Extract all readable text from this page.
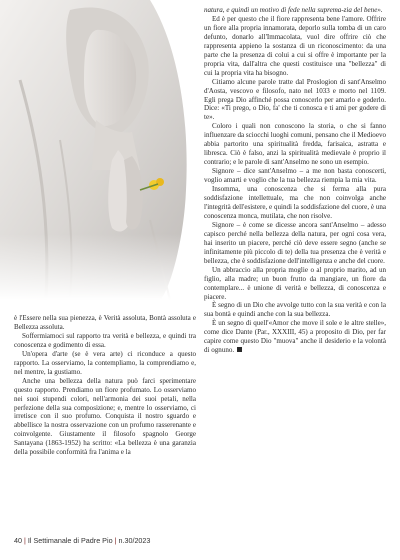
natura, e quindi un motivo di fede nella suprema-zia del bene».

Ed è per questo che il fiore rappresenta bene l'amore. Offrire un fiore alla propria innamorata, deporlo sulla tomba di un caro defunto, donarlo all'Immacolata, vuol dire offrire ciò che rappresenta appieno la sostanza di un riconoscimento: da una parte che la presenza di colui a cui si offre è importante per la propria vita, dall'altra che questi costituisce una "bellezza" di cui la propria vita ha bisogno.

Citiamo alcune parole tratte dal Proslogion di sant'Anselmo d'Aosta, vescovo e filosofo, nato nel 1033 e morto nel 1109. Egli prega Dio affinché possa conoscerlo per amarlo e goderlo. Dice: «Ti prego, o Dio, fa' che ti conosca e ti ami per godere di te».

Coloro i quali non conoscono la storia, o che si fanno influenzare da sciocchi luoghi comuni, pensano che il Medioevo abbia partorito una spiritualità fredda, farisaica, astratta e libresca. Ciò è falso, anzi la spiritualità medievale è proprio il contrario; e le parole di sant'Anselmo ne sono un esempio.

Signore – dice sant'Anselmo – a me non basta conoscerti, voglio amarti e voglio che la tua bellezza riempia la mia vita.

Insomma, una conoscenza che si ferma alla pura soddisfazione intellettuale, ma che non coinvolga anche l'integrità dell'esistere, e quindi la soddisfazione del cuore, è una conoscenza monca, mutilata, che non risolve.

Signore – è come se dicesse ancora sant'Anselmo – adesso capisco perché nella bellezza della natura, per ogni cosa vera, hai inserito un piacere, perché ciò deve essere segno (anche se infinitamente più piccolo di te) della tua presenza che è verità e bellezza, che è soddisfazione dell'intelligenza e anche del cuore.

Un abbraccio alla propria moglie o al proprio marito, ad un figlio, alla madre; un buon frutto da mangiare, un fiore da contemplare... è unione di verità e bellezza, di conoscenza e piacere.

È segno di un Dio che avvolge tutto con la sua verità e con la sua bontà e quindi anche con la sua bellezza.

È un segno di quell'«Amor che move il sole e le altre stelle», come dice Dante (Par., XXXIII, 45) a proposito di Dio, per far capire come questo Dio "muova" anche il desiderio e la volontà di ognuno.

è l'Essere nella sua pienezza, è Verità assoluta, Bontà assoluta e Bellezza assoluta.

Soffermiamoci sul rapporto tra verità e bellezza, e quindi tra conoscenza e godimento di essa.

Un'opera d'arte (se è vera arte) ci riconduce a questo rapporto. La osserviamo, la contempliamo, la comprendiamo e, nel mentre, la gustiamo.

Anche una bellezza della natura può farci sperimentare questo rapporto. Prendiamo un fiore profumato. Lo osserviamo nei suoi stupendi colori, nell'armonia dei suoi petali, nella perfezione della sua composizione; e, mentre lo osserviamo, ci irretisce con il suo profumo. Conquista il nostro sguardo e abbellisce la nostra osservazione con un profumo rasserenante e coinvolgente. Giustamente il filosofo spagnolo George Santayana (1863-1952) ha scritto: «La bellezza è una garanzia della possibile conformità fra l'anima e la

40 | Il Settimanale di Padre Pio | n.30/2023
